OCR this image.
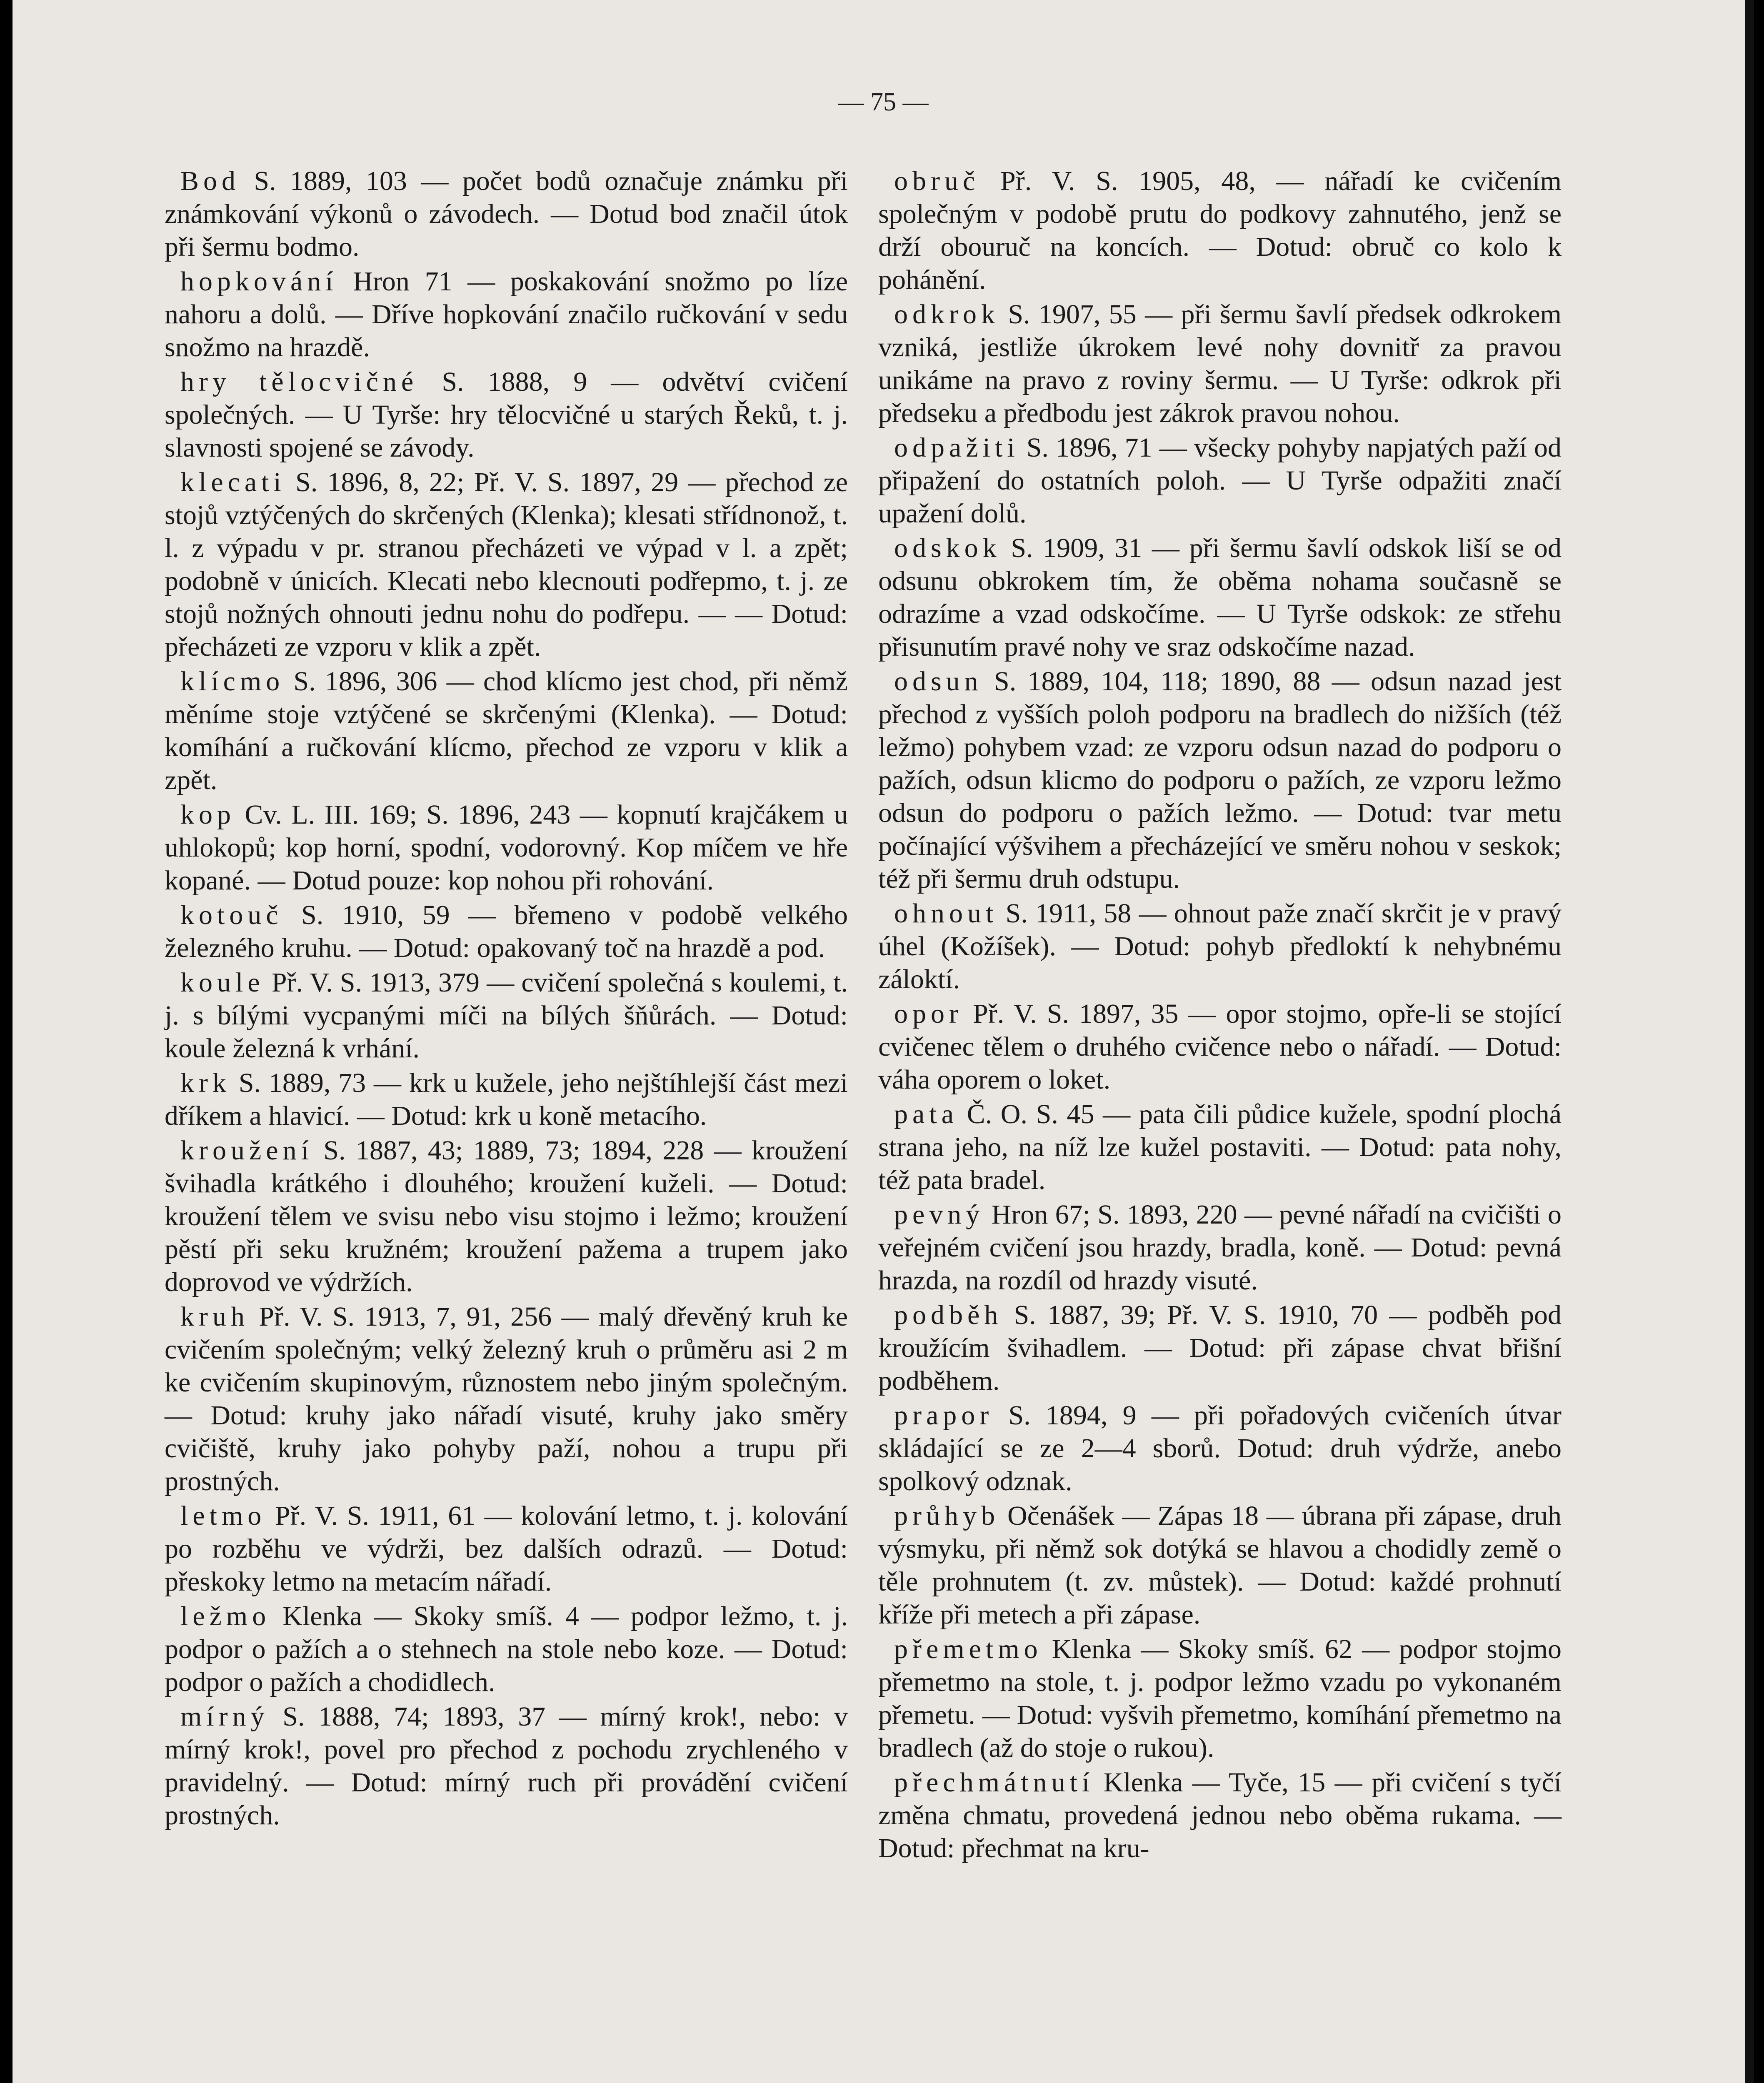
— 75 —

Bod S. 1889, 103 — počet bodů označuje známku při známkování výkonů o závodech. — Dotud bod značil útok při šermu bodmo.

hopkování Hron 71 — poskakování snožmo po líze nahoru a dolů. — Dříve hopkování značilo ručkování v sedu snožmo na hrazdě.

hry tělocvičné S. 1888, 9 — odvětví cvičení společných. — U Tyrše: hry tělocvičné u starých Řeků, t. j. slavnosti spojené se závody.

klecati S. 1896, 8, 22; Př. V. S. 1897, 29 — přechod ze stojů vztýčených do skrčených (Klenka); klesati střídnonož, t. l. z výpadu v pr. stranou přecházeti ve výpad v l. a zpět; podobně v únicích. Klecati nebo klecnouti podřepmo, t. j. ze stojů nožných ohnouti jednu nohu do podřepu. — — Dotud: přecházeti ze vzporu v klik a zpět.

klícmo S. 1896, 306 — chod klícmo jest chod, při němž měníme stoje vztýčené se skrčenými (Klenka). — Dotud: komíhání a ručkování klícmo, přechod ze vzporu v klik a zpět.

kop Cv. L. III. 169; S. 1896, 243 — kopnutí krajčákem u uhlokopů; kop horní, spodní, vodorovný. Kop míčem ve hře kopané. — Dotud pouze: kop nohou při rohování.

kotouč S. 1910, 59 — břemeno v podobě velkého železného kruhu. — Dotud: opakovaný toč na hrazdě a pod.

koule Př. V. S. 1913, 379 — cvičení společná s koulemi, t. j. s bílými vycpanými míči na bílých šňůrách. — Dotud: koule železná k vrhání.

krk S. 1889, 73 — krk u kužele, jeho nejštíhlejší část mezi dříkem a hlavicí. — Dotud: krk u koně metacího.

kroužení S. 1887, 43; 1889, 73; 1894, 228 — kroužení švihadla krátkého i dlouhého; kroužení kuželi. — Dotud: kroužení tělem ve svisu nebo visu stojmo i ležmo; kroužení pěstí při seku kružném; kroužení pažema a trupem jako doprovod ve výdržích.

kruh Př. V. S. 1913, 7, 91, 256 — malý dřevěný kruh ke cvičením společným; velký železný kruh o průměru asi 2 m ke cvičením skupinovým, různostem nebo jiným společným. — Dotud: kruhy jako nářadí visuté, kruhy jako směry cvičiště, kruhy jako pohyby paží, nohou a trupu při prostných.

letmo Př. V. S. 1911, 61 — kolování letmo, t. j. kolování po rozběhu ve výdrži, bez dalších odrazů. — Dotud: přeskoky letmo na metacím nářadí.

ležmo Klenka — Skoky smíš. 4 — podpor ležmo, t. j. podpor o pažích a o stehnech na stole nebo koze. — Dotud: podpor o pažích a chodidlech.

mírný S. 1888, 74; 1893, 37 — mírný krok!, nebo: v mírný krok!, povel pro přechod z pochodu zrychleného v pravidelný. — Dotud: mírný ruch při provádění cvičení prostných.

obruč Př. V. S. 1905, 48, — nářadí ke cvičením společným v podobě prutu do podkovy zahnutého, jenž se drží obouruč na koncích. — Dotud: obruč co kolo k pohánění.

odkrok S. 1907, 55 — při šermu šavlí předsek odkrokem vzniká, jestliže úkrokem levé nohy dovnitř za pravou unikáme na pravo z roviny šermu. — U Tyrše: odkrok při předseku a předbodu jest zákrok pravou nohou.

odpažiti S. 1896, 71 — všecky pohyby napjatých paží od připažení do ostatních poloh. — U Tyrše odpažiti značí upažení dolů.

odskok S. 1909, 31 — při šermu šavlí odskok liší se od odsunu obkrokem tím, že oběma nohama současně se odrazíme a vzad odskočíme. — U Tyrše odskok: ze střehu přisunutím pravé nohy ve sraz odskočíme nazad.

odsun S. 1889, 104, 118; 1890, 88 — odsun nazad jest přechod z vyšších poloh podporu na bradlech do nižších (též ležmo) pohybem vzad: ze vzporu odsun nazad do podporu o pažích, odsun klicmo do podporu o pažích, ze vzporu ležmo odsun do podporu o pažích ležmo. — Dotud: tvar metu počínající výšvihem a přecházející ve směru nohou v seskok; též při šermu druh odstupu.

ohnout S. 1911, 58 — ohnout paže značí skrčit je v pravý úhel (Kožíšek). — Dotud: pohyb předloktí k nehybnému záloktí.

opor Př. V. S. 1897, 35 — opor stojmo, opře-li se stojící cvičenec tělem o druhého cvičence nebo o nářadí. — Dotud: váha oporem o loket.

pata Č. O. S. 45 — pata čili půdice kužele, spodní plochá strana jeho, na níž lze kužel postaviti. — Dotud: pata nohy, též pata bradel.

pevný Hron 67; S. 1893, 220 — pevné nářadí na cvičišti o veřejném cvičení jsou hrazdy, bradla, koně. — Dotud: pevná hrazda, na rozdíl od hrazdy visuté.

podběh S. 1887, 39; Př. V. S. 1910, 70 — podběh pod kroužícím švihadlem. — Dotud: při zápase chvat břišní podběhem.

prapor S. 1894, 9 — při pořadových cvičeních útvar skládající se ze 2—4 sborů. Dotud: druh výdrže, anebo spolkový odznak.

průhyb Očenášek — Zápas 18 — úbrana při zápase, druh výsmyku, při němž sok dotýká se hlavou a chodidly země o těle prohnutem (t. zv. můstek). — Dotud: každé prohnutí kříže při metech a při zápase.

přemetmo Klenka — Skoky smíš. 62 — podpor stojmo přemetmo na stole, t. j. podpor ležmo vzadu po vykonaném přemetu. — Dotud: vyšvih přemetmo, komíhání přemetmo na bradlech (až do stoje o rukou).

přechmátnutí Klenka — Tyče, 15 — při cvičení s tyčí změna chmatu, provedená jednou nebo oběma rukama. — Dotud: přechmat na kru-
